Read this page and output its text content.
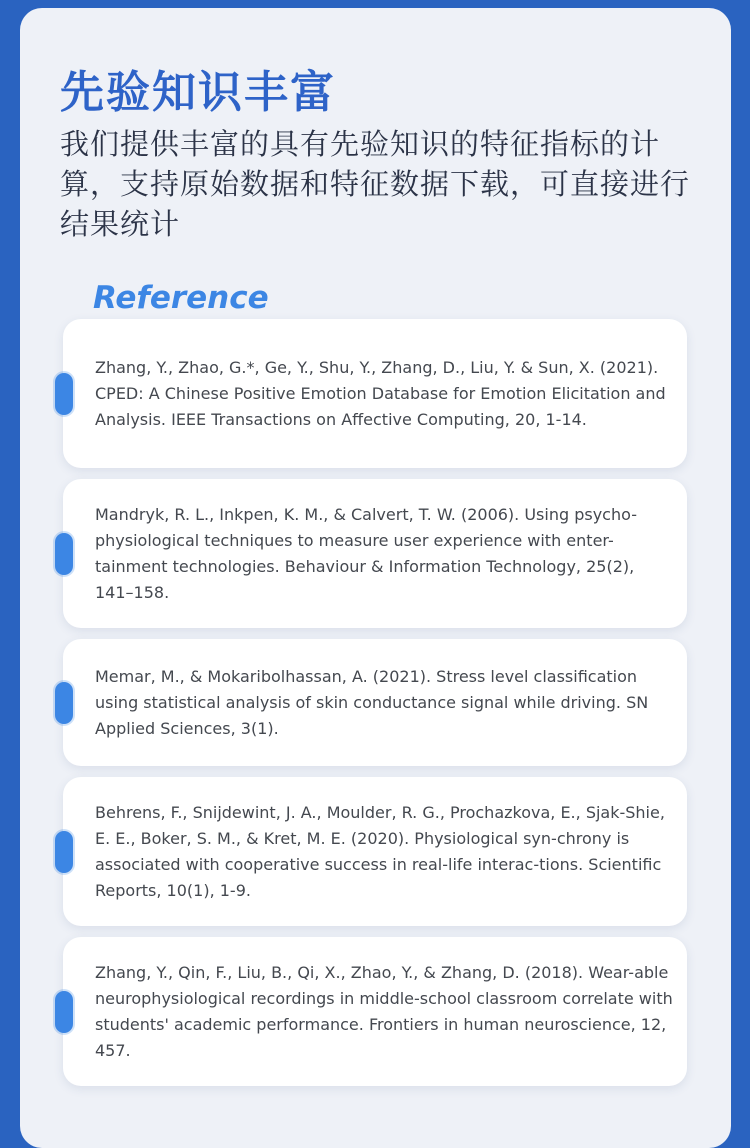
先验知识丰富

我们提供丰富的具有先验知识的特征指标的计算，支持原始数据和特征数据下载，可直接进行结果统计

Reference

Zhang, Y., Zhao, G.*, Ge, Y., Shu, Y., Zhang, D., Liu, Y. & Sun, X. (2021). CPED: A Chinese Positive Emotion Database for Emotion Elicitation and Analysis. IEEE Transactions on Affective Computing, 20, 1-14.

Mandryk, R. L., Inkpen, K. M., & Calvert, T. W. (2006). Using psycho-physiological techniques to measure user experience with enter-tainment technologies. Behaviour & Information Technology, 25(2), 141–158.

Memar, M., & Mokaribolhassan, A. (2021). Stress level classification using statistical analysis of skin conductance signal while driving. SN Applied Sciences, 3(1).

Behrens, F., Snijdewint, J. A., Moulder, R. G., Prochazkova, E., Sjak-Shie, E. E., Boker, S. M., & Kret, M. E. (2020). Physiological syn-chrony is associated with cooperative success in real-life interac-tions. Scientific Reports, 10(1), 1-9.

Zhang, Y., Qin, F., Liu, B., Qi, X., Zhao, Y., & Zhang, D. (2018). Wear-able neurophysiological recordings in middle-school classroom correlate with students' academic performance. Frontiers in human neuroscience, 12, 457.
